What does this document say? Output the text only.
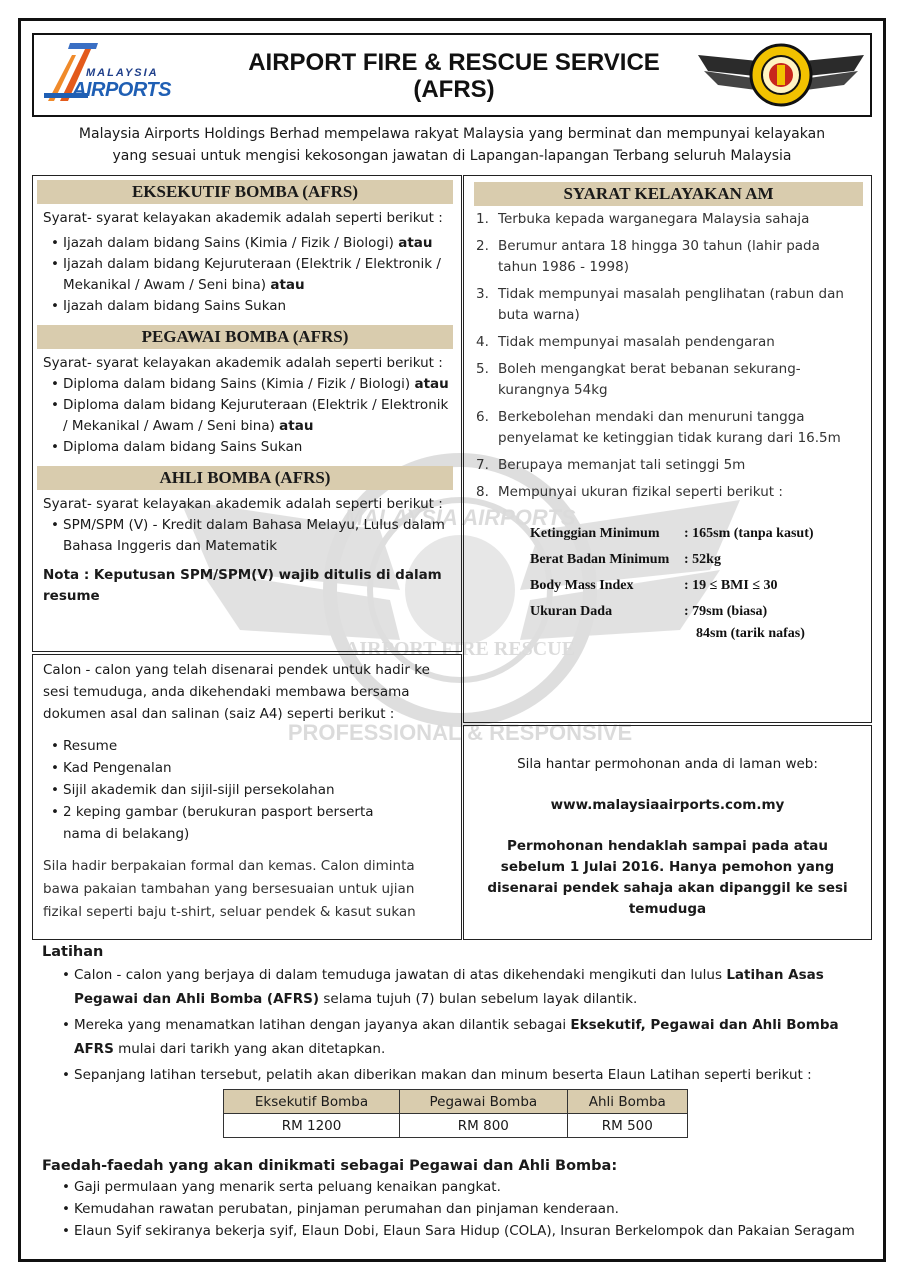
MALAYSIA
AIRPORTS
AIRPORT FIRE & RESCUE SERVICE
(AFRS)
Malaysia Airports Holdings Berhad mempelawa rakyat Malaysia yang berminat dan mempunyai kelayakan
yang sesuai untuk mengisi kekosongan jawatan di Lapangan-lapangan Terbang seluruh Malaysia
MALAYSIA AIRPORTS
AIRPORT FIRE RESCUE
PROFESSIONAL & RESPONSIVE
EKSEKUTIF BOMBA (AFRS)
Syarat- syarat kelayakan akademik adalah seperti berikut :
• Ijazah dalam bidang Sains (Kimia / Fizik / Biologi) atau
• Ijazah dalam bidang Kejuruteraan (Elektrik / Elektronik / Mekanikal / Awam / Seni bina) atau
• Ijazah dalam bidang Sains Sukan
PEGAWAI BOMBA (AFRS)
Syarat- syarat kelayakan akademik adalah seperti berikut :
• Diploma dalam bidang Sains (Kimia / Fizik / Biologi) atau
• Diploma dalam bidang Kejuruteraan (Elektrik / Elektronik / Mekanikal / Awam / Seni bina) atau
• Diploma dalam bidang Sains Sukan
AHLI BOMBA (AFRS)
Syarat- syarat kelayakan akademik adalah seperti berikut :
• SPM/SPM (V) - Kredit dalam Bahasa Melayu, Lulus dalam Bahasa Inggeris dan Matematik
Nota : Keputusan SPM/SPM(V) wajib ditulis di dalam resume
SYARAT KELAYAKAN AM
1. Terbuka kepada warganegara Malaysia sahaja
2. Berumur antara 18 hingga 30 tahun (lahir pada tahun 1986 - 1998)
3. Tidak mempunyai masalah penglihatan (rabun dan buta warna)
4. Tidak mempunyai masalah pendengaran
5. Boleh mengangkat berat bebanan sekurang-kurangnya 54kg
6. Berkebolehan mendaki dan menuruni tangga penyelamat ke ketinggian tidak kurang dari 16.5m
7. Berupaya memanjat tali setinggi 5m
8. Mempunyai ukuran fizikal seperti berikut :
Ketinggian Minimum	: 165sm (tanpa kasut)
Berat Badan Minimum	: 52kg
Body Mass Index	: 19 ≤ BMI ≤ 30
Ukuran Dada	: 79sm (biasa)
84sm (tarik nafas)
Calon - calon yang telah disenarai pendek untuk hadir ke sesi temuduga, anda dikehendaki membawa bersama dokumen asal dan salinan (saiz A4) seperti berikut :
• Resume
• Kad Pengenalan
• Sijil akademik dan sijil-sijil persekolahan
• 2 keping gambar (berukuran pasport berserta nama di belakang)
Sila hadir berpakaian formal dan kemas. Calon diminta bawa pakaian tambahan yang bersesuaian untuk ujian fizikal seperti baju t-shirt, seluar pendek & kasut sukan
Sila hantar permohonan anda di laman web:
www.malaysiaairports.com.my
Permohonan hendaklah sampai pada atau sebelum 1 Julai 2016. Hanya pemohon yang disenarai pendek sahaja akan dipanggil ke sesi temuduga
Latihan
• Calon - calon yang berjaya di dalam temuduga jawatan di atas dikehendaki mengikuti dan lulus Latihan Asas Pegawai dan Ahli Bomba (AFRS) selama tujuh (7) bulan sebelum layak dilantik.
• Mereka yang menamatkan latihan dengan jayanya akan dilantik sebagai Eksekutif, Pegawai dan Ahli Bomba AFRS mulai dari tarikh yang akan ditetapkan.
• Sepanjang latihan tersebut, pelatih akan diberikan makan dan minum beserta Elaun Latihan seperti berikut :
Eksekutif Bomba	Pegawai Bomba	Ahli Bomba
RM 1200	RM 800	RM 500
Faedah-faedah yang akan dinikmati sebagai Pegawai dan Ahli Bomba:
• Gaji permulaan yang menarik serta peluang kenaikan pangkat.
• Kemudahan rawatan perubatan, pinjaman perumahan dan pinjaman kenderaan.
• Elaun Syif sekiranya bekerja syif, Elaun Dobi, Elaun Sara Hidup (COLA), Insuran Berkelompok dan Pakaian Seragam
